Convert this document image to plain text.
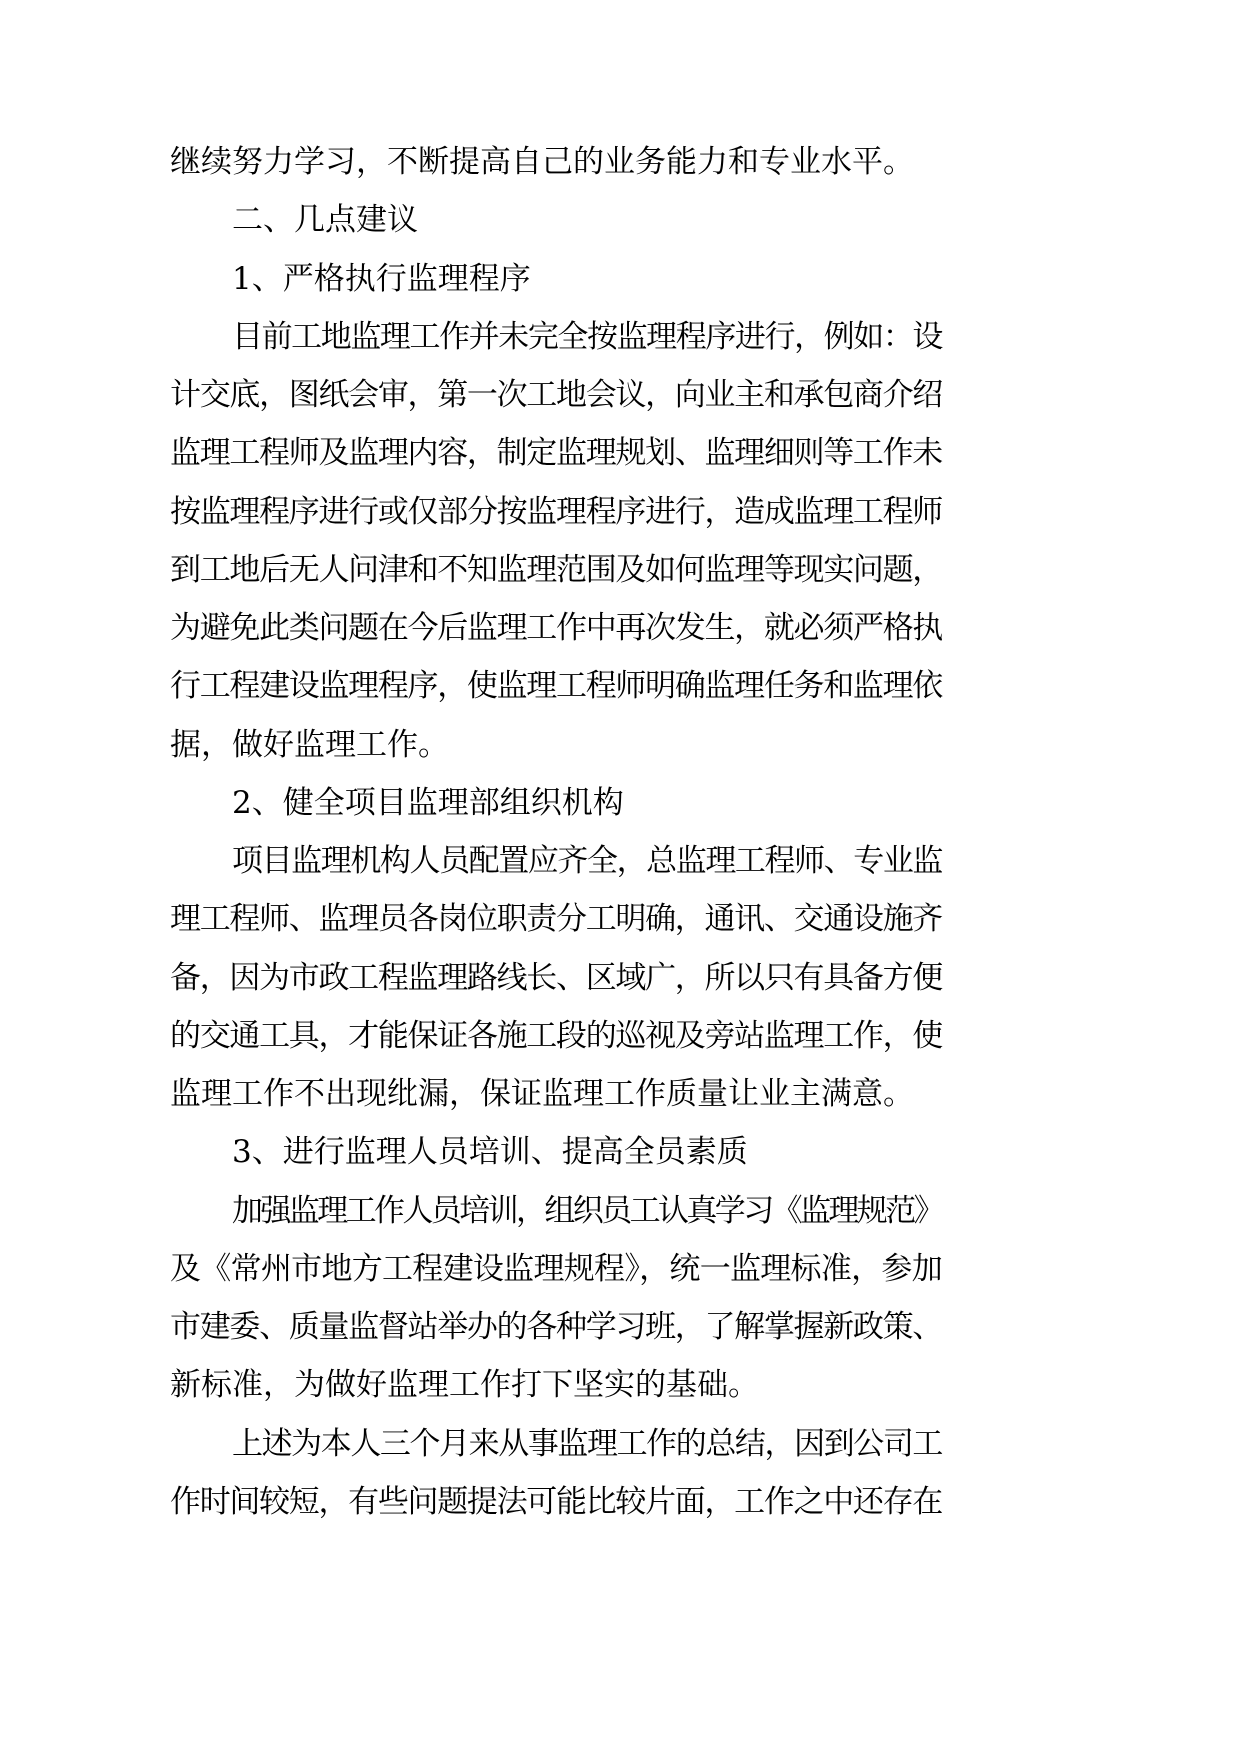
继续努力学习，不断提高自己的业务能力和专业水平。
二、几点建议
1、严格执行监理程序
目前工地监理工作并未完全按监理程序进行，例如：设
计交底，图纸会审，第一次工地会议，向业主和承包商介绍
监理工程师及监理内容，制定监理规划、监理细则等工作未
按监理程序进行或仅部分按监理程序进行，造成监理工程师
到工地后无人问津和不知监理范围及如何监理等现实问题，
为避免此类问题在今后监理工作中再次发生，就必须严格执
行工程建设监理程序，使监理工程师明确监理任务和监理依
据，做好监理工作。
2、健全项目监理部组织机构
项目监理机构人员配置应齐全，总监理工程师、专业监
理工程师、监理员各岗位职责分工明确，通讯、交通设施齐
备，因为市政工程监理路线长、区域广，所以只有具备方便
的交通工具，才能保证各施工段的巡视及旁站监理工作，使
监理工作不出现纰漏，保证监理工作质量让业主满意。
3、进行监理人员培训、提高全员素质
加强监理工作人员培训，组织员工认真学习《监理规范》
及《常州市地方工程建设监理规程》，统一监理标准，参加
市建委、质量监督站举办的各种学习班，了解掌握新政策、
新标准，为做好监理工作打下坚实的基础。
上述为本人三个月来从事监理工作的总结，因到公司工
作时间较短，有些问题提法可能比较片面，工作之中还存在
